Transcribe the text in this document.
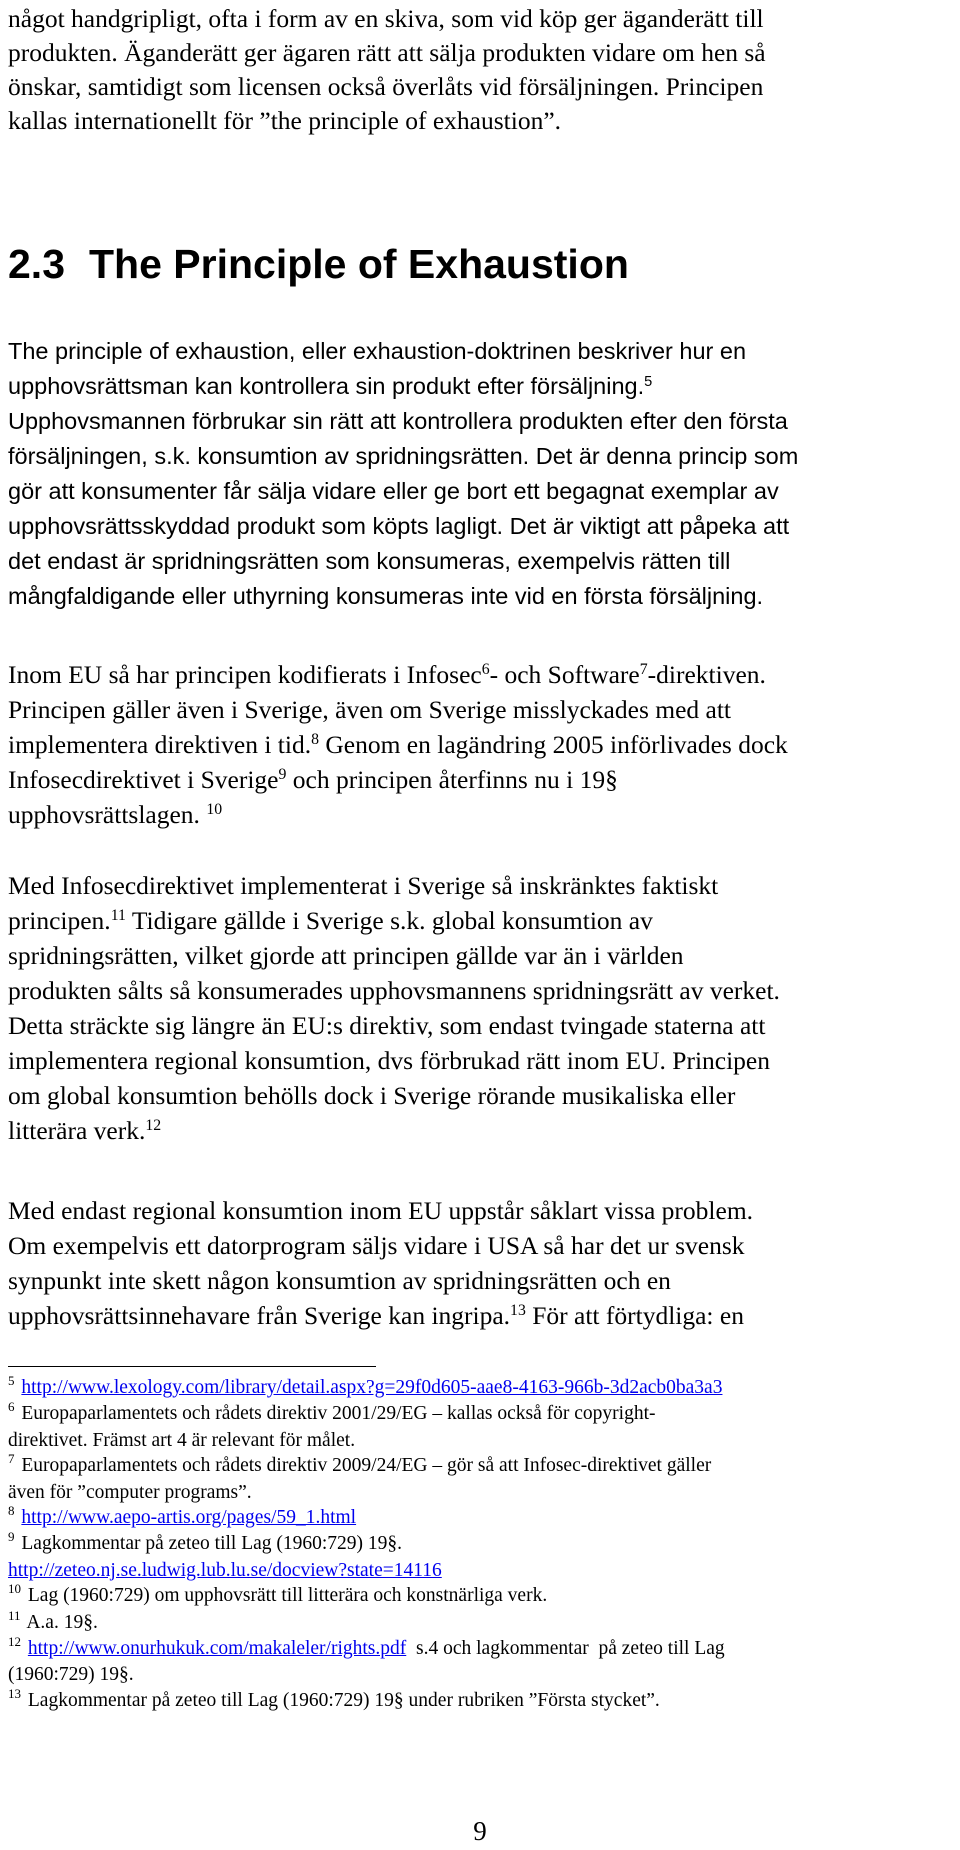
något handgripligt, ofta i form av en skiva, som vid köp ger äganderätt till
produkten. Äganderätt ger ägaren rätt att sälja produkten vidare om hen så
önskar, samtidigt som licensen också överlåts vid försäljningen. Principen
kallas internationellt för ”the principle of exhaustion”.
2.3 The Principle of Exhaustion
The principle of exhaustion, eller exhaustion-doktrinen beskriver hur en
upphovsrättsman kan kontrollera sin produkt efter försäljning.$^5$
Upphovsmannen förbrukar sin rätt att kontrollera produkten efter den första
försäljningen, s.k. konsumtion av spridningsrätten. Det är denna princip som
gör att konsumenter får sälja vidare eller ge bort ett begagnat exemplar av
upphovsrättsskyddad produkt som köpts lagligt. Det är viktigt att påpeka att
det endast är spridningsrätten som konsumeras, exempelvis rätten till
mångfaldigande eller uthyrning konsumeras inte vid en första försäljning.
Inom EU så har principen kodifierats i Infosec$^6$- och Software$^7$-direktiven.
Principen gäller även i Sverige, även om Sverige misslyckades med att
implementera direktiven i tid.$^8$ Genom en lagändring 2005 införlivades dock
Infosecdirektivet i Sverige$^9$ och principen återfinns nu i 19§
upphovsrättslagen. $^{10}$
Med Infosecdirektivet implementerat i Sverige så inskränktes faktiskt
principen.$^{11}$ Tidigare gällde i Sverige s.k. global konsumtion av
spridningsrätten, vilket gjorde att principen gällde var än i världen
produkten sålts så konsumerades upphovsmannens spridningsrätt av verket.
Detta sträckte sig längre än EU:s direktiv, som endast tvingade staterna att
implementera regional konsumtion, dvs förbrukad rätt inom EU. Principen
om global konsumtion behölls dock i Sverige rörande musikaliska eller
litterära verk.$^{12}$
Med endast regional konsumtion inom EU uppstår såklart vissa problem.
Om exempelvis ett datorprogram säljs vidare i USA så har det ur svensk
synpunkt inte skett någon konsumtion av spridningsrätten och en
upphovsrättsinnehavare från Sverige kan ingripa.$^{13}$ För att förtydliga: en
$^5$ http://www.lexology.com/library/detail.aspx?g=29f0d605-aae8-4163-966b-3d2acb0ba3a3
$^6$ Europaparlamentets och rådets direktiv 2001/29/EG – kallas också för copyright-
direktivet. Främst art 4 är relevant för målet.
$^7$ Europaparlamentets och rådets direktiv 2009/24/EG – gör så att Infosec-direktivet gäller
även för ”computer programs”.
$^8$ http://www.aepo-artis.org/pages/59_1.html
$^9$ Lagkommentar på zeteo till Lag (1960:729) 19§.
http://zeteo.nj.se.ludwig.lub.lu.se/docview?state=14116
$^{10}$ Lag (1960:729) om upphovsrätt till litterära och konstnärliga verk.
$^{11}$ A.a. 19§.
$^{12}$ http://www.onurhukuk.com/makaleler/rights.pdf  s.4 och lagkommentar  på zeteo till Lag
(1960:729) 19§.
$^{13}$ Lagkommentar på zeteo till Lag (1960:729) 19§ under rubriken ”Första stycket”.
9
